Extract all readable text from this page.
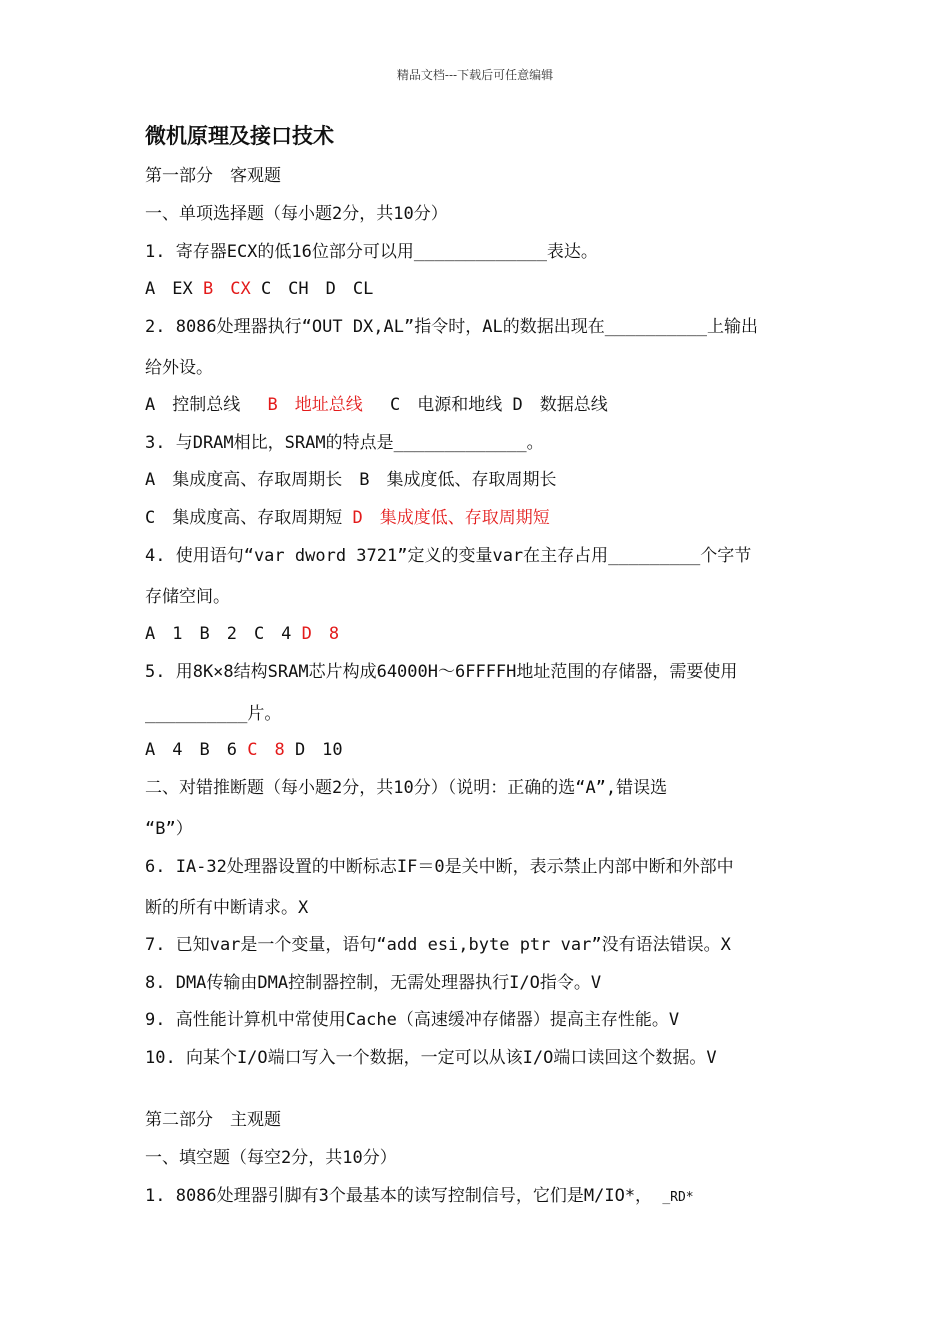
精品文档---下载后可任意编辑
微机原理及接口技术
第一部分　客观题
一、单项选择题（每小题2分，共10分）
1. 寄存器ECX的低16位部分可以用_____________表达。
A　EX B　CX C　CH　D　CL
2. 8086处理器执行“OUT DX,AL”指令时，AL的数据出现在__________上输出
给外设。
A　控制总线　 B　地址总线　 C　电源和地线 D　数据总线
3. 与DRAM相比，SRAM的特点是_____________。
A　集成度高、存取周期长　B　集成度低、存取周期长
C　集成度高、存取周期短 D　集成度低、存取周期短
4. 使用语句“var dword 3721”定义的变量var在主存占用_________个字节
存储空间。
A　1　B　2　C　4 D　8
5. 用8K×8结构SRAM芯片构成64000H～6FFFFH地址范围的存储器，需要使用
__________片。
A　4　B　6 C　8 D　10
二、对错推断题（每小题2分，共10分）（说明：正确的选“A”,错误选
“B”）
6. IA-32处理器设置的中断标志IF＝0是关中断，表示禁止内部中断和外部中
断的所有中断请求。X
7. 已知var是一个变量，语句“add esi,byte ptr var”没有语法错误。X
8. DMA传输由DMA控制器控制，无需处理器执行I/O指令。V
9. 高性能计算机中常使用Cache（高速缓冲存储器）提高主存性能。V
10. 向某个I/O端口写入一个数据，一定可以从该I/O端口读回这个数据。V
第二部分　主观题
一、填空题（每空2分，共10分）
1. 8086处理器引脚有3个最基本的读写控制信号，它们是M/IO*， _RD*
